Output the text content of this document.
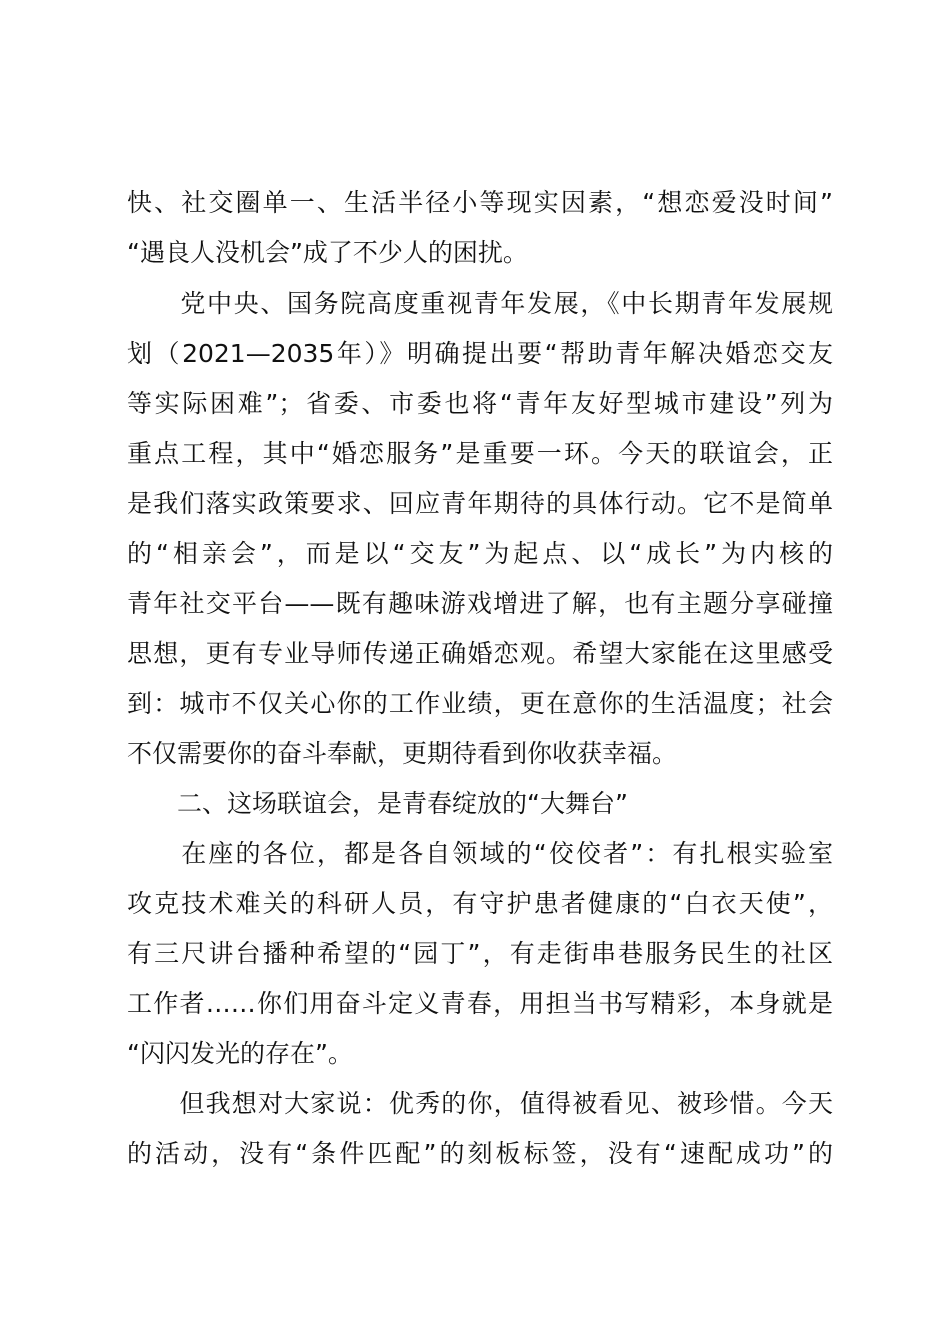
快、社交圈单一、生活半径小等现实因素，“想恋爱没时间”
“遇良人没机会”成了不少人的困扰。
　　党中央、国务院高度重视青年发展，《中长期青年发展规
划（2021—2035年）》明确提出要“帮助青年解决婚恋交友
等实际困难”；省委、市委也将“青年友好型城市建设”列为
重点工程，其中“婚恋服务”是重要一环。今天的联谊会，正
是我们落实政策要求、回应青年期待的具体行动。它不是简单
的“相亲会”，而是以“交友”为起点、以“成长”为内核的
青年社交平台——既有趣味游戏增进了解，也有主题分享碰撞
思想，更有专业导师传递正确婚恋观。希望大家能在这里感受
到：城市不仅关心你的工作业绩，更在意你的生活温度；社会
不仅需要你的奋斗奉献，更期待看到你收获幸福。
　　二、这场联谊会，是青春绽放的“大舞台”
　　在座的各位，都是各自领域的“佼佼者”：有扎根实验室
攻克技术难关的科研人员，有守护患者健康的“白衣天使”，
有三尺讲台播种希望的“园丁”，有走街串巷服务民生的社区
工作者……你们用奋斗定义青春，用担当书写精彩，本身就是
“闪闪发光的存在”。
　　但我想对大家说：优秀的你，值得被看见、被珍惜。今天
的活动，没有“条件匹配”的刻板标签，没有“速配成功”的
